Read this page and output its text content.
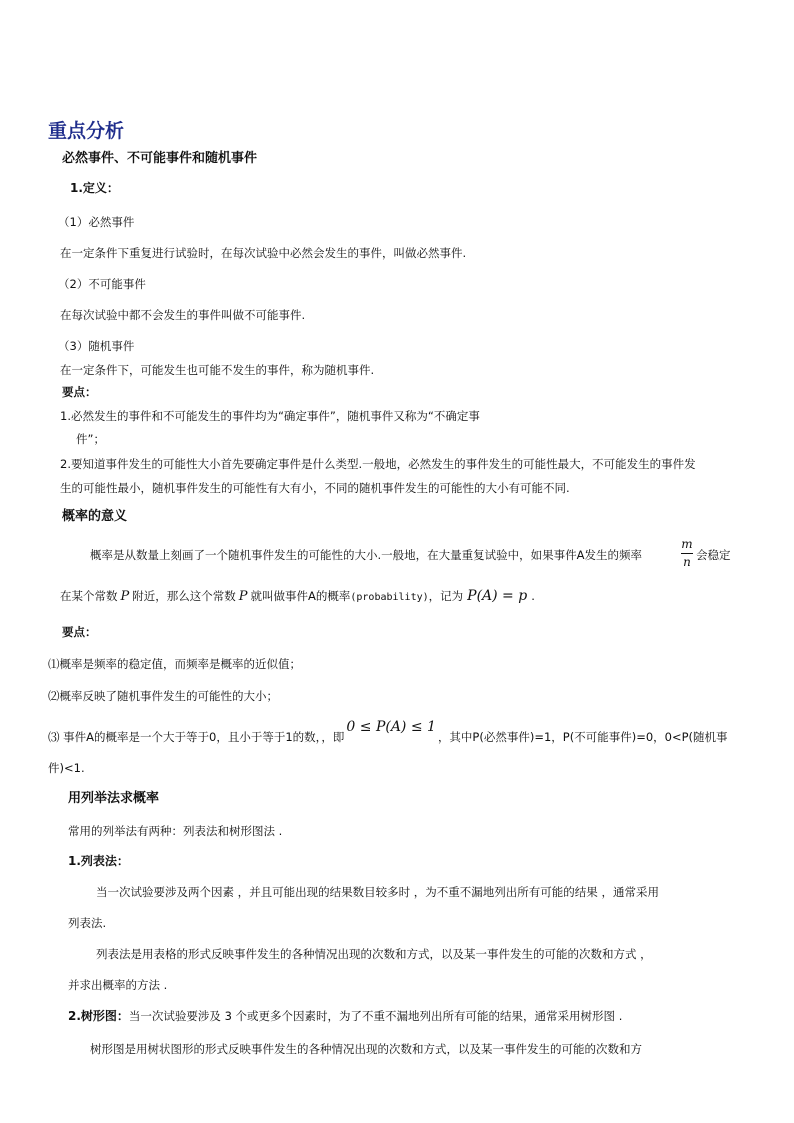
重点分析
必然事件、不可能事件和随机事件
1.定义：
（1）必然事件
在一定条件下重复进行试验时，在每次试验中必然会发生的事件，叫做必然事件.
（2）不可能事件
在每次试验中都不会发生的事件叫做不可能事件.
（3）随机事件
在一定条件下，可能发生也可能不发生的事件，称为随机事件.
要点：
1.必然发生的事件和不可能发生的事件均为“确定事件”，随机事件又称为“不确定事
件”；
2.要知道事件发生的可能性大小首先要确定事件是什么类型.一般地，必然发生的事件发生的可能性最大，不可能发生的事件发
生的可能性最小，随机事件发生的可能性有大有小，不同的随机事件发生的可能性的大小有可能不同.
概率的意义
概率是从数量上刻画了一个随机事件发生的可能性的大小.一般地，在大量重复试验中，如果事件A发生的频率
m
n 会稳定
在某个常数 P 附近，那么这个常数 P 就叫做事件A的概率(probability)，记为 P(A) = p .
要点：
⑴概率是频率的稳定值，而频率是概率的近似值；
⑵概率反映了随机事件发生的可能性的大小；
⑶ 事件A的概率是一个大于等于0，且小于等于1的数，，即0 ≤ P(A) ≤ 1，其中P(必然事件)=1，P(不可能事件)=0，0<P(随机事
件)<1.
用列举法求概率
常用的列举法有两种：列表法和树形图法 .
1.列表法：
当一次试验要涉及两个因素 ，并且可能出现的结果数目较多时 ，为不重不漏地列出所有可能的结果 ，通常采用
列表法.
列表法是用表格的形式反映事件发生的各种情况出现的次数和方式，以及某一事件发生的可能的次数和方式 ，
并求出概率的方法 .
2.树形图：当一次试验要涉及 3 个或更多个因素时，为了不重不漏地列出所有可能的结果，通常采用树形图 .
树形图是用树状图形的形式反映事件发生的各种情况出现的次数和方式，以及某一事件发生的可能的次数和方
